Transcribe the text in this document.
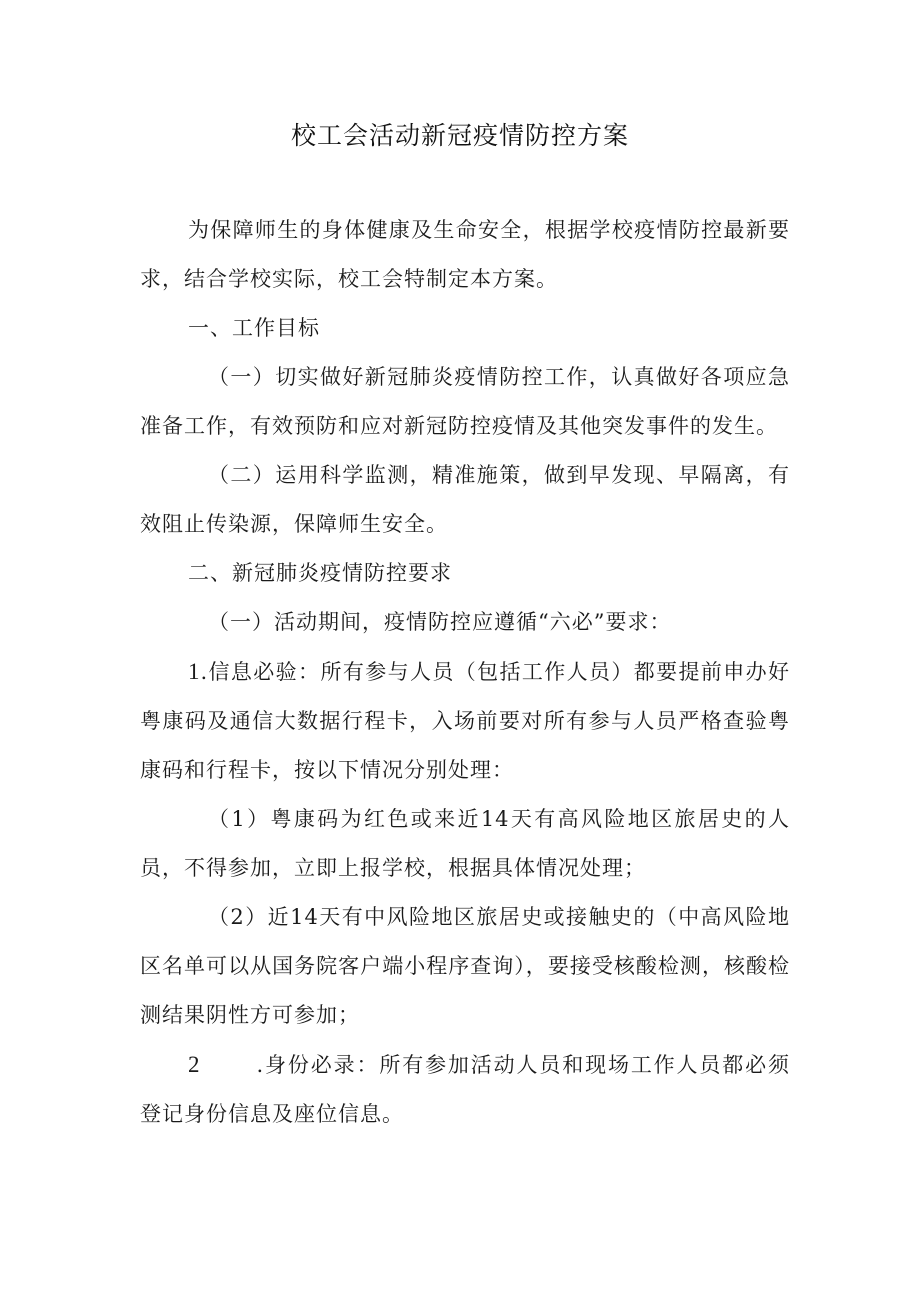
校工会活动新冠疫情防控方案

为保障师生的身体健康及生命安全，根据学校疫情防控最新要求，结合学校实际，校工会特制定本方案。

一、工作目标

（一）切实做好新冠肺炎疫情防控工作，认真做好各项应急准备工作，有效预防和应对新冠防控疫情及其他突发事件的发生。

（二）运用科学监测，精准施策，做到早发现、早隔离，有效阻止传染源，保障师生安全。

二、新冠肺炎疫情防控要求

（一）活动期间，疫情防控应遵循“六必”要求：

1.信息必验：所有参与人员（包括工作人员）都要提前申办好粤康码及通信大数据行程卡，入场前要对所有参与人员严格查验粤康码和行程卡，按以下情况分别处理：

（1）粤康码为红色或来近14天有高风险地区旅居史的人员，不得参加，立即上报学校，根据具体情况处理；

（2）近14天有中风险地区旅居史或接触史的（中高风险地区名单可以从国务院客户端小程序查询），要接受核酸检测，核酸检测结果阴性方可参加；

2	.身份必录：所有参加活动人员和现场工作人员都必须登记身份信息及座位信息。
